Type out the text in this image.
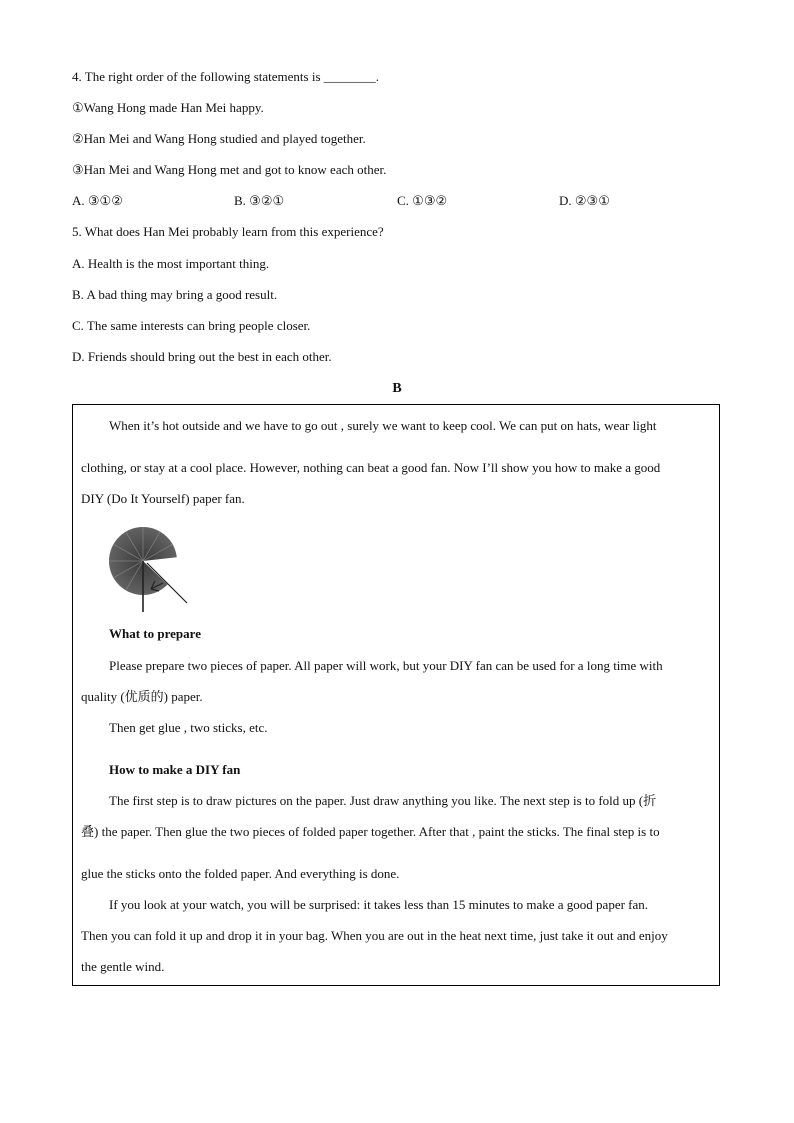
4. The right order of the following statements is ________.
①Wang Hong made Han Mei happy.
②Han Mei and Wang Hong studied and played together.
③Han Mei and Wang Hong met and got to know each other.
A. ③①②	B. ③②①	C. ①③②	D. ②③①
5. What does Han Mei probably learn from this experience?
A. Health is the most important thing.
B. A bad thing may bring a good result.
C. The same interests can bring people closer.
D. Friends should bring out the best in each other.
B
When it’s hot outside and we have to go out , surely we want to keep cool. We can put on hats, wear light
clothing, or stay at a cool place. However, nothing can beat a good fan. Now I’ll show you how to make a good
DIY (Do It Yourself) paper fan.
What to prepare
Please prepare two pieces of paper. All paper will work, but your DIY fan can be used for a long time with
quality (优质的) paper.
Then get glue , two sticks, etc.
How to make a DIY fan
The first step is to draw pictures on the paper. Just draw anything you like. The next step is to fold up (折
叠) the paper. Then glue the two pieces of folded paper together. After that , paint the sticks. The final step is to
glue the sticks onto the folded paper. And everything is done.
If you look at your watch, you will be surprised: it takes less than 15 minutes to make a good paper fan.
Then you can fold it up and drop it in your bag. When you are out in the heat next time, just take it out and enjoy
the gentle wind.
